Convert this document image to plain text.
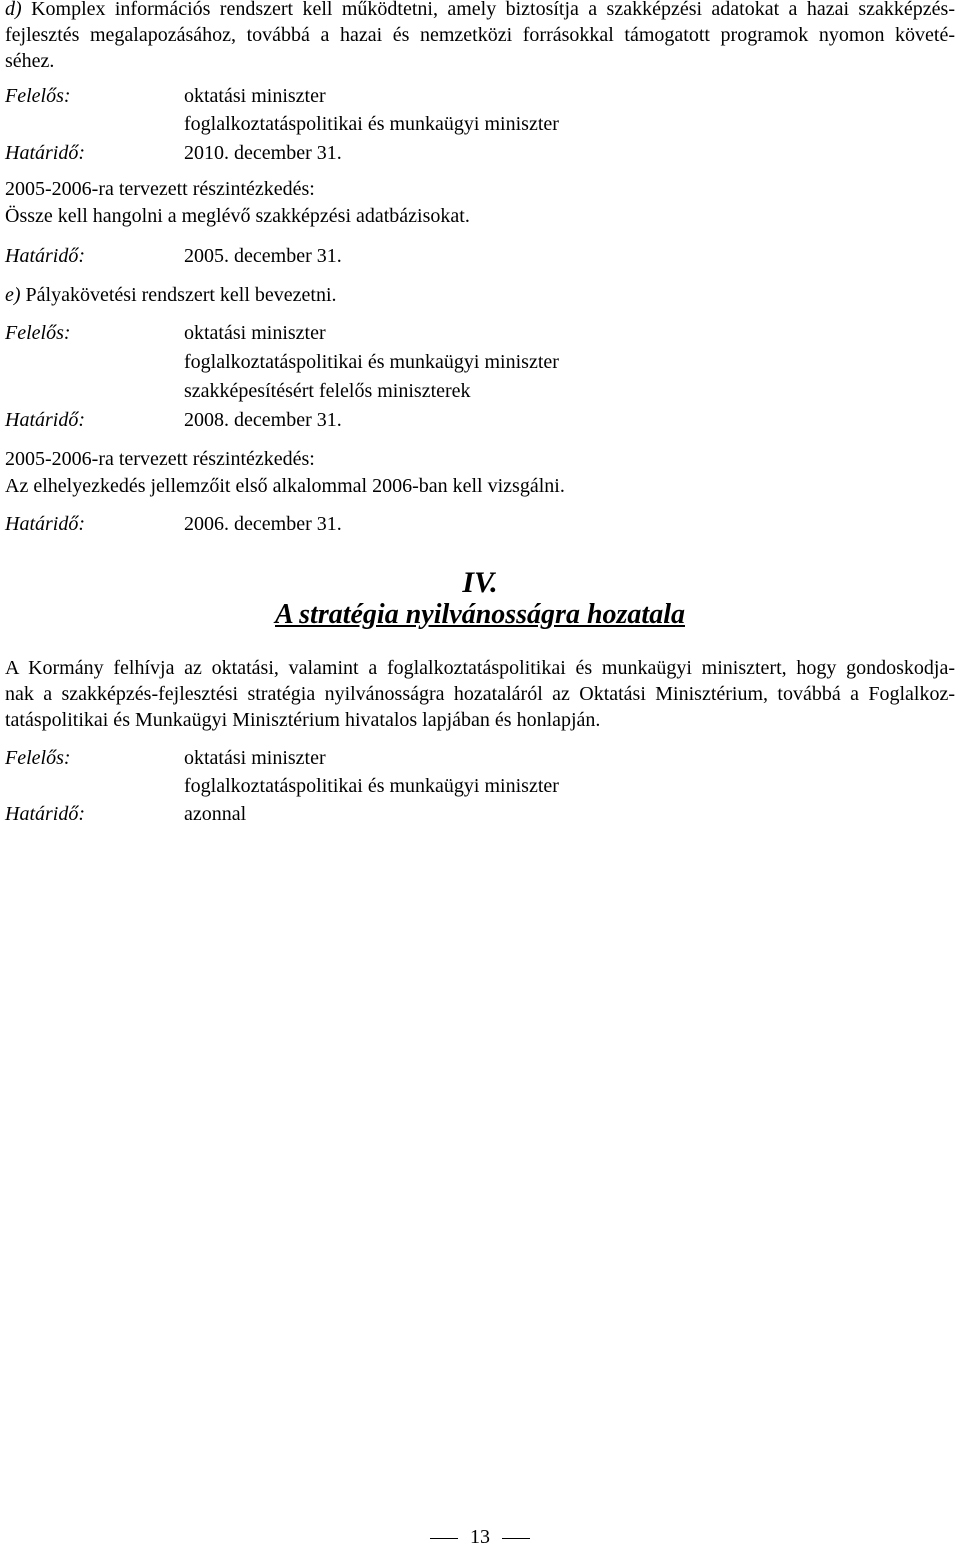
d) Komplex információs rendszert kell működtetni, amely biztosítja a szakképzési adatokat a hazai szakképzés-
fejlesztés megalapozásához, továbbá a hazai és nemzetközi forrásokkal támogatott programok nyomon követé-
séhez.
Felelős:	oktatási miniszter
foglalkoztatáspolitikai és munkaügyi miniszter
Határidő:	2010. december 31.
2005-2006-ra tervezett részintézkedés:
Össze kell hangolni a meglévő szakképzési adatbázisokat.
Határidő:	2005. december 31.
e) Pályakövetési rendszert kell bevezetni.
Felelős:	oktatási miniszter
foglalkoztatáspolitikai és munkaügyi miniszter
szakképesítésért felelős miniszterek
Határidő:	2008. december 31.
2005-2006-ra tervezett részintézkedés:
Az elhelyezkedés jellemzőit első alkalommal 2006-ban kell vizsgálni.
Határidő:	2006. december 31.
IV.
A stratégia nyilvánosságra hozatala
A Kormány felhívja az oktatási, valamint a foglalkoztatáspolitikai és munkaügyi minisztert, hogy gondoskodja-
nak a szakképzés-fejlesztési stratégia nyilvánosságra hozataláról az Oktatási Minisztérium, továbbá a Foglalkoz-
tatáspolitikai és Munkaügyi Minisztérium hivatalos lapjában és honlapján.
Felelős:	oktatási miniszter
foglalkoztatáspolitikai és munkaügyi miniszter
Határidő:	azonnal
13
